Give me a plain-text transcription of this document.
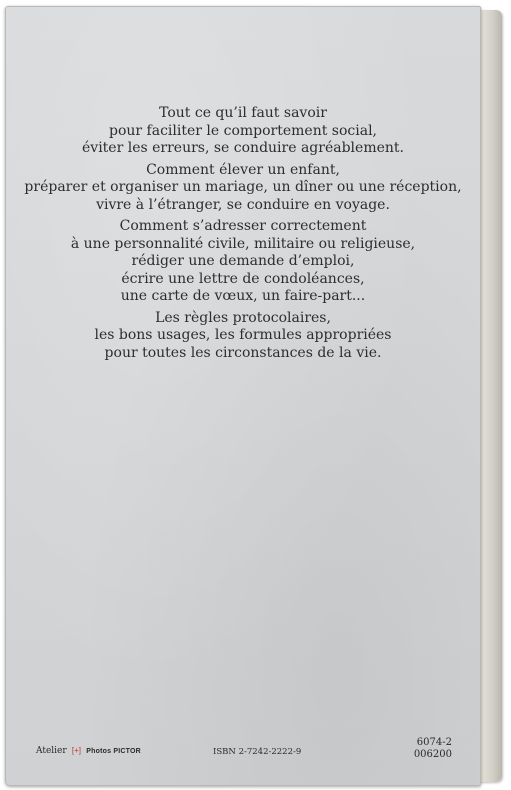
Tout ce qu’il faut savoir
pour faciliter le comportement social,
éviter les erreurs, se conduire agréablement.

Comment élever un enfant,
préparer et organiser un mariage, un dîner ou une réception,
vivre à l’étranger, se conduire en voyage.

Comment s’adresser correctement
à une personnalité civile, militaire ou religieuse,
rédiger une demande d’emploi,
écrire une lettre de condoléances,
une carte de vœux, un faire-part...

Les règles protocolaires,
les bons usages, les formules appropriées
pour toutes les circonstances de la vie.

Atelier [+] Photos PICTOR	ISBN 2-7242-2222-9
6074-2
006200
